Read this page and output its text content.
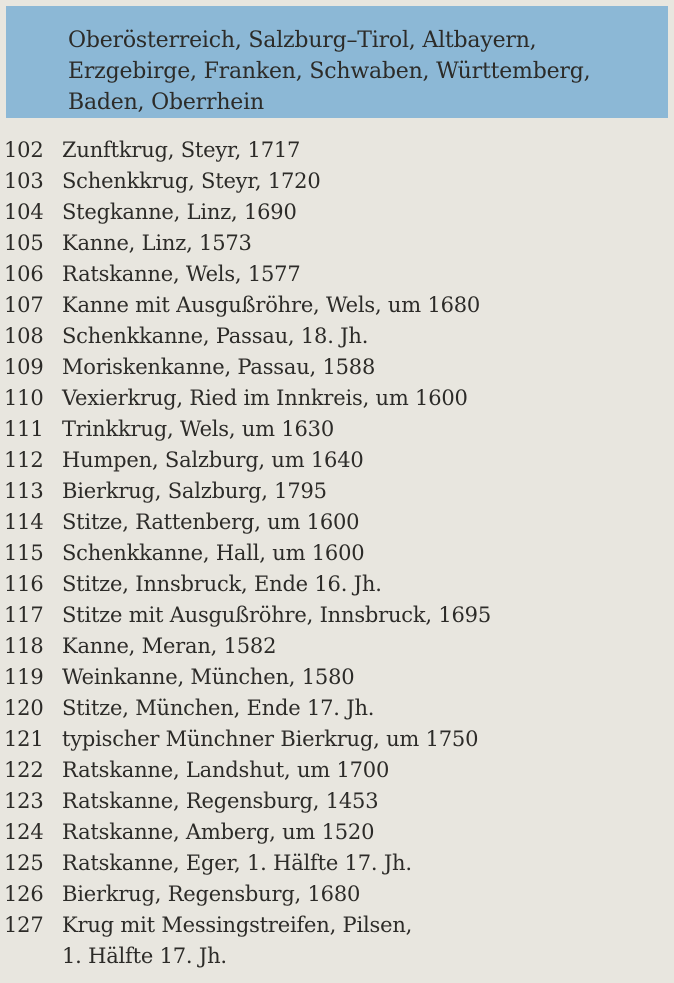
Oberösterreich, Salzburg–Tirol, Altbayern,
Erzgebirge, Franken, Schwaben, Württemberg,
Baden, Oberrhein
102 Zunftkrug, Steyr, 1717
103 Schenkkrug, Steyr, 1720
104 Stegkanne, Linz, 1690
105 Kanne, Linz, 1573
106 Ratskanne, Wels, 1577
107 Kanne mit Ausgußröhre, Wels, um 1680
108 Schenkkanne, Passau, 18. Jh.
109 Moriskenkanne, Passau, 1588
110 Vexierkrug, Ried im Innkreis, um 1600
111 Trinkkrug, Wels, um 1630
112 Humpen, Salzburg, um 1640
113 Bierkrug, Salzburg, 1795
114 Stitze, Rattenberg, um 1600
115 Schenkkanne, Hall, um 1600
116 Stitze, Innsbruck, Ende 16. Jh.
117 Stitze mit Ausgußröhre, Innsbruck, 1695
118 Kanne, Meran, 1582
119 Weinkanne, München, 1580
120 Stitze, München, Ende 17. Jh.
121 typischer Münchner Bierkrug, um 1750
122 Ratskanne, Landshut, um 1700
123 Ratskanne, Regensburg, 1453
124 Ratskanne, Amberg, um 1520
125 Ratskanne, Eger, 1. Hälfte 17. Jh.
126 Bierkrug, Regensburg, 1680
127 Krug mit Messingstreifen, Pilsen,
1. Hälfte 17. Jh.
